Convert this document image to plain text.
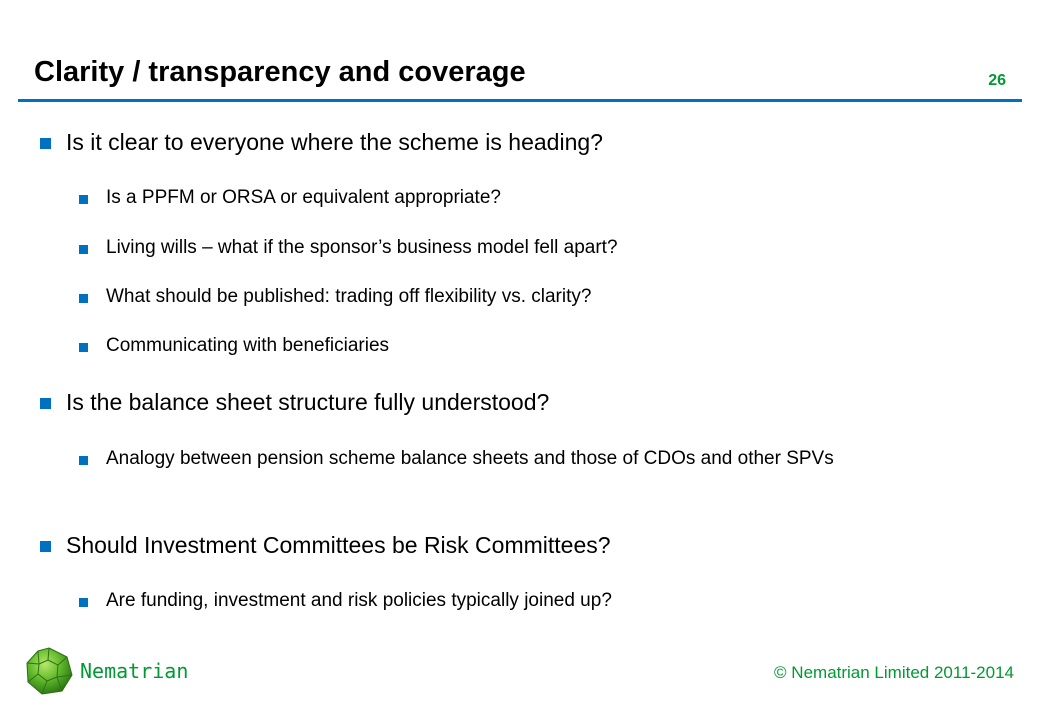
Clarity / transparency and coverage	26
Is it clear to everyone where the scheme is heading?
Is a PPFM or ORSA or equivalent appropriate?
Living wills – what if the sponsor’s business model fell apart?
What should be published: trading off flexibility vs. clarity?
Communicating with beneficiaries
Is the balance sheet structure fully understood?
Analogy between pension scheme balance sheets and those of CDOs and other SPVs
Should Investment Committees be Risk Committees?
Are funding, investment and risk policies typically joined up?
Nematrian	© Nematrian Limited 2011-2014
